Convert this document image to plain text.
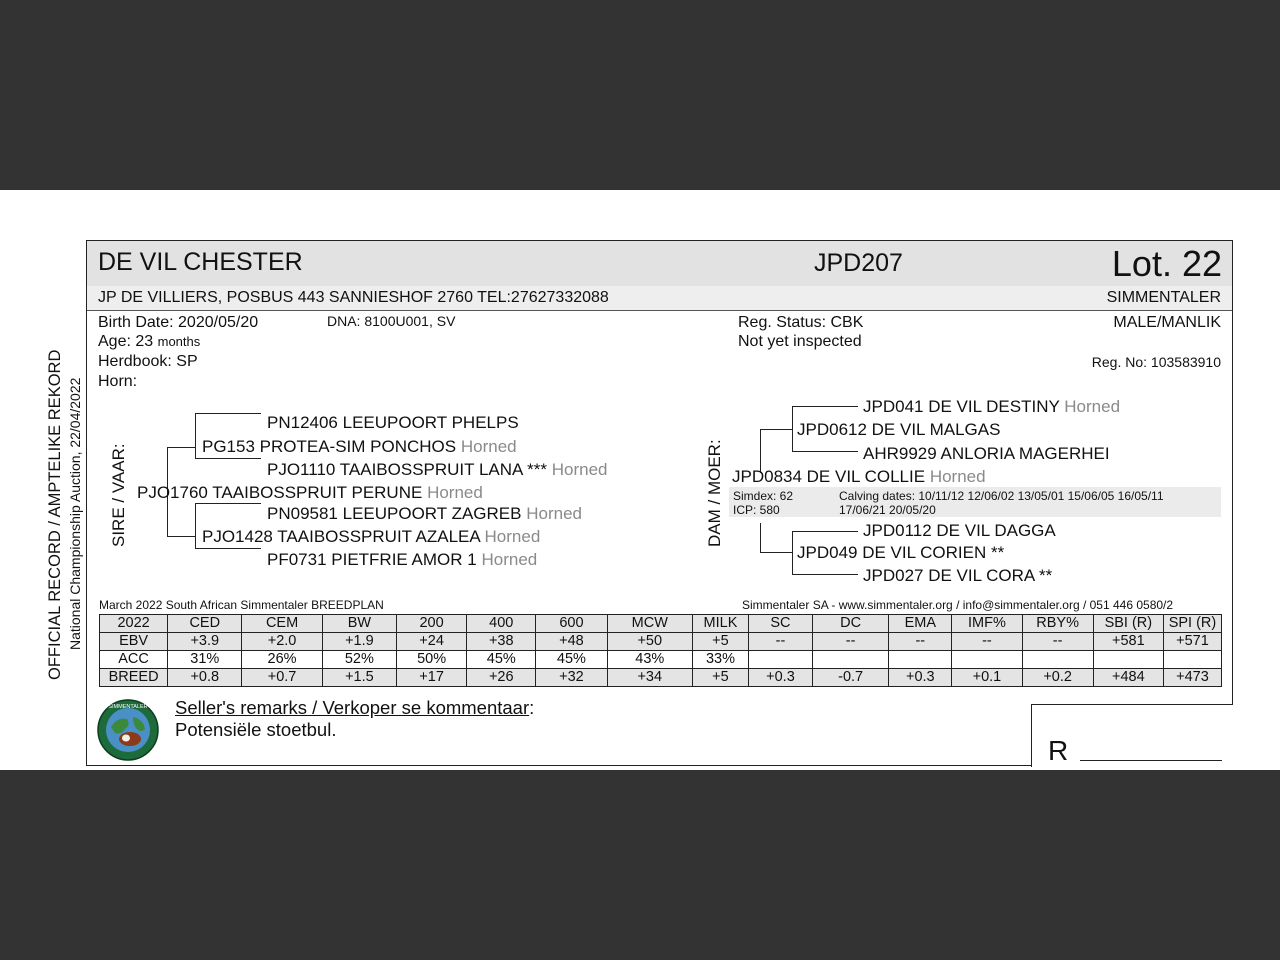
OFFICIAL RECORD / AMPTELIKE REKORD National Championship Auction, 22/04/2022
DE VIL CHESTER	JPD207	Lot. 22
JP DE VILLIERS, POSBUS 443 SANNIESHOF 2760 TEL:27627332088	SIMMENTALER
Birth Date: 2020/05/20	DNA: 8100U001, SV
Age: 23 months
Herdbook: SP
Horn:
Reg. Status: CBK
Not yet inspected
MALE/MANLIK
Reg. No: 103583910
SIRE / VAAR:
PN12406 LEEUPOORT PHELPS
PG153 PROTEA-SIM PONCHOS Horned
PJO1110 TAAIBOSSPRUIT LANA *** Horned
PJO1760 TAAIBOSSPRUIT PERUNE Horned
PN09581 LEEUPOORT ZAGREB Horned
PJO1428 TAAIBOSSPRUIT AZALEA Horned
PF0731 PIETFRIE AMOR 1 Horned
DAM / MOER:
JPD041 DE VIL DESTINY Horned
JPD0612 DE VIL MALGAS
AHR9929 ANLORIA MAGERHEI
JPD0834 DE VIL COLLIE Horned
Simdex: 62
ICP: 580
Calving dates: 10/11/12 12/06/02 13/05/01 15/06/05 16/05/11
17/06/21 20/05/20
JPD0112 DE VIL DAGGA
JPD049 DE VIL CORIEN **
JPD027 DE VIL CORA **
March 2022 South African Simmentaler BREEDPLAN	Simmentaler SA - www.simmentaler.org / info@simmentaler.org / 051 446 0580/2
2022	CED	CEM	BW	200	400	600	MCW	MILK	SC	DC	EMA	IMF%	RBY%	SBI (R)	SPI (R)
EBV	+3.9	+2.0	+1.9	+24	+38	+48	+50	+5	--	--	--	--	--	+581	+571
ACC	31%	26%	52%	50%	45%	45%	43%	33%							
BREED	+0.8	+0.7	+1.5	+17	+26	+32	+34	+5	+0.3	-0.7	+0.3	+0.1	+0.2	+484	+473
SIMMENTALER Seller's remarks / Verkoper se kommentaar:
Potensiële stoetbul.
R
